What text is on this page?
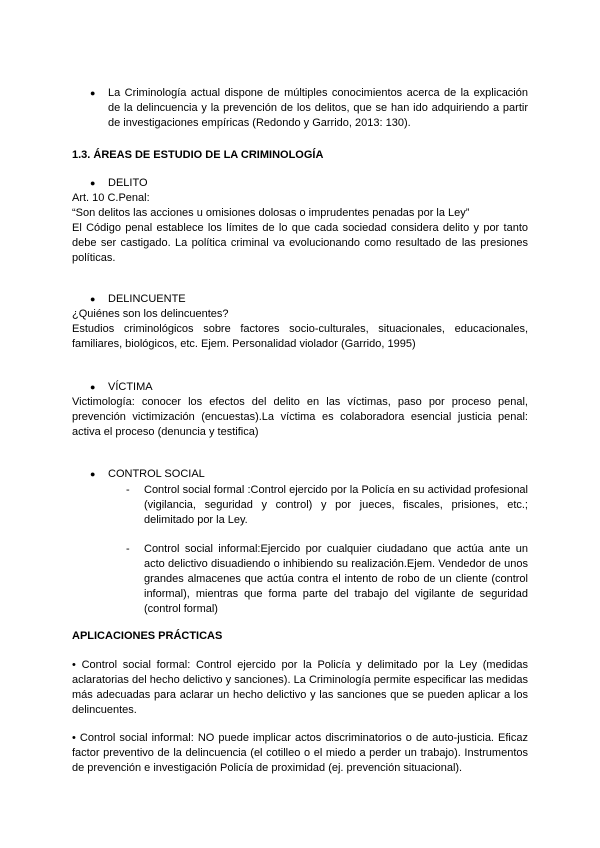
● La Criminología actual dispone de múltiples conocimientos acerca de la explicación de la delincuencia y la prevención de los delitos, que se han ido adquiriendo a partir de investigaciones empíricas (Redondo y Garrido, 2013: 130).

1.3. ÁREAS DE ESTUDIO DE LA CRIMINOLOGÍA
● DELITO
Art. 10 C.Penal:
“Son delitos las acciones u omisiones dolosas o imprudentes penadas por la Ley”
El Código penal establece los límites de lo que cada sociedad considera delito y por tanto debe ser castigado. La política criminal va evolucionando como resultado de las presiones políticas.
● DELINCUENTE
¿Quiénes son los delincuentes?
Estudios criminológicos sobre factores socio-culturales, situacionales, educacionales, familiares, biológicos, etc. Ejem. Personalidad violador (Garrido, 1995)
● VÍCTIMA
Victimología: conocer los efectos del delito en las víctimas, paso por proceso penal, prevención victimización (encuestas).La víctima es colaboradora esencial justicia penal: activa el proceso (denuncia y testifica)
● CONTROL SOCIAL
- Control social formal :Control ejercido por la Policía en su actividad profesional (vigilancia, seguridad y control) y por jueces, fiscales, prisiones, etc.; delimitado por la Ley.

- Control social informal:Ejercido por cualquier ciudadano que actúa ante un acto delictivo disuadiendo o inhibiendo su realización.Ejem. Vendedor de unos grandes almacenes que actúa contra el intento de robo de un cliente (control informal), mientras que forma parte del trabajo del vigilante de seguridad (control formal)

APLICACIONES PRÁCTICAS
• Control social formal: Control ejercido por la Policía y delimitado por la Ley (medidas aclaratorias del hecho delictivo y sanciones). La Criminología permite especificar las medidas más adecuadas para aclarar un hecho delictivo y las sanciones que se pueden aplicar a los delincuentes.
• Control social informal: NO puede implicar actos discriminatorios o de auto-justicia. Eficaz factor preventivo de la delincuencia (el cotilleo o el miedo a perder un trabajo). Instrumentos de prevención e investigación Policía de proximidad (ej. prevención situacional).
